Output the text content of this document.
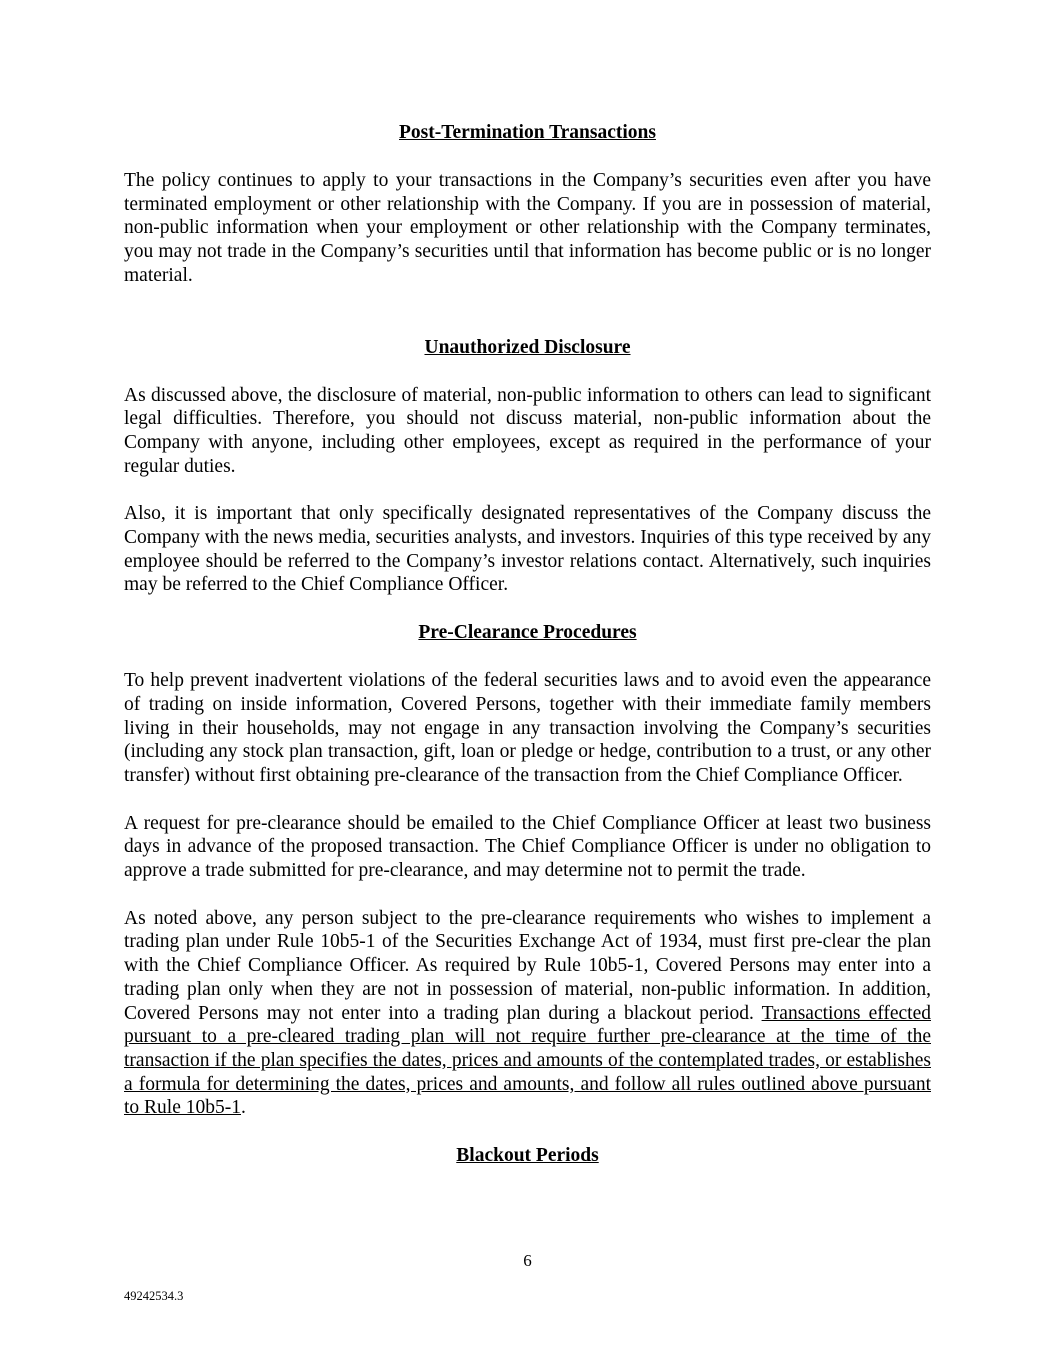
Post-Termination Transactions

The policy continues to apply to your transactions in the Company’s securities even after you have terminated employment or other relationship with the Company. If you are in possession of material, non-public information when your employment or other relationship with the Company terminates, you may not trade in the Company’s securities until that information has become public or is no longer material.

Unauthorized Disclosure

As discussed above, the disclosure of material, non-public information to others can lead to significant legal difficulties. Therefore, you should not discuss material, non-public information about the Company with anyone, including other employees, except as required in the performance of your regular duties.

Also, it is important that only specifically designated representatives of the Company discuss the Company with the news media, securities analysts, and investors. Inquiries of this type received by any employee should be referred to the Company’s investor relations contact. Alternatively, such inquiries may be referred to the Chief Compliance Officer.

Pre-Clearance Procedures

To help prevent inadvertent violations of the federal securities laws and to avoid even the appearance of trading on inside information, Covered Persons, together with their immediate family members living in their households, may not engage in any transaction involving the Company’s securities (including any stock plan transaction, gift, loan or pledge or hedge, contribution to a trust, or any other transfer) without first obtaining pre-clearance of the transaction from the Chief Compliance Officer.

A request for pre-clearance should be emailed to the Chief Compliance Officer at least two business days in advance of the proposed transaction. The Chief Compliance Officer is under no obligation to approve a trade submitted for pre-clearance, and may determine not to permit the trade.

As noted above, any person subject to the pre-clearance requirements who wishes to implement a trading plan under Rule 10b5-1 of the Securities Exchange Act of 1934, must first pre-clear the plan with the Chief Compliance Officer. As required by Rule 10b5-1, Covered Persons may enter into a trading plan only when they are not in possession of material, non-public information. In addition, Covered Persons may not enter into a trading plan during a blackout period. Transactions effected pursuant to a pre-cleared trading plan will not require further pre-clearance at the time of the transaction if the plan specifies the dates, prices and amounts of the contemplated trades, or establishes a formula for determining the dates, prices and amounts, and follow all rules outlined above pursuant to Rule 10b5-1.

Blackout Periods

6
49242534.3
